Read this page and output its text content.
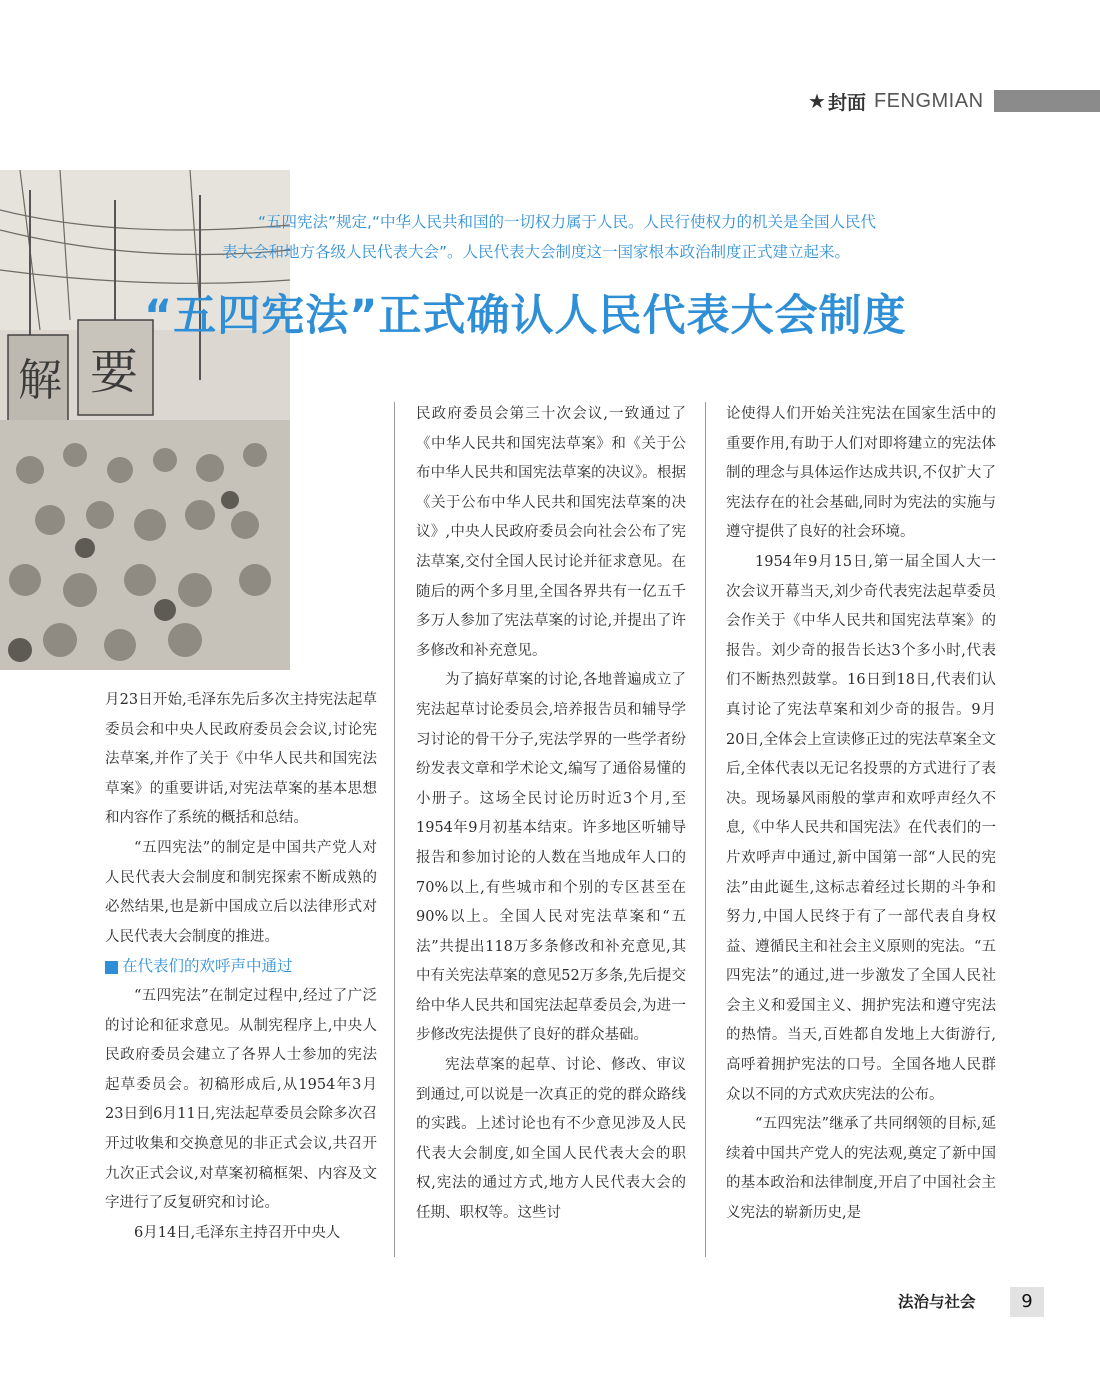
★ 封面 FENGMIAN
解 要

“五四宪法”规定,“中华人民共和国的一切权力属于人民。人民行使权力的机关是全国人民代

表大会和地方各级人民代表大会”。人民代表大会制度这一国家根本政治制度正式建立起来。

“五四宪法”正式确认人民代表大会制度

月23日开始,毛泽东先后多次主持宪法起草委员会和中央人民政府委员会会议,讨论宪法草案,并作了关于《中华人民共和国宪法草案》的重要讲话,对宪法草案的基本思想和内容作了系统的概括和总结。

“五四宪法”的制定是中国共产党人对人民代表大会制度和制宪探索不断成熟的必然结果,也是新中国成立后以法律形式对人民代表大会制度的推进。

在代表们的欢呼声中通过

“五四宪法”在制定过程中,经过了广泛的讨论和征求意见。从制宪程序上,中央人民政府委员会建立了各界人士参加的宪法起草委员会。初稿形成后,从1954年3月23日到6月11日,宪法起草委员会除多次召开过收集和交换意见的非正式会议,共召开九次正式会议,对草案初稿框架、内容及文字进行了反复研究和讨论。

6月14日,毛泽东主持召开中央人

民政府委员会第三十次会议,一致通过了《中华人民共和国宪法草案》和《关于公布中华人民共和国宪法草案的决议》。根据《关于公布中华人民共和国宪法草案的决议》,中央人民政府委员会向社会公布了宪法草案,交付全国人民讨论并征求意见。在随后的两个多月里,全国各界共有一亿五千多万人参加了宪法草案的讨论,并提出了许多修改和补充意见。

为了搞好草案的讨论,各地普遍成立了宪法起草讨论委员会,培养报告员和辅导学习讨论的骨干分子,宪法学界的一些学者纷纷发表文章和学术论文,编写了通俗易懂的小册子。这场全民讨论历时近3个月,至1954年9月初基本结束。许多地区听辅导报告和参加讨论的人数在当地成年人口的70%以上,有些城市和个别的专区甚至在90%以上。全国人民对宪法草案和“五法”共提出118万多条修改和补充意见,其中有关宪法草案的意见52万多条,先后提交给中华人民共和国宪法起草委员会,为进一步修改宪法提供了良好的群众基础。

宪法草案的起草、讨论、修改、审议到通过,可以说是一次真正的党的群众路线的实践。上述讨论也有不少意见涉及人民代表大会制度,如全国人民代表大会的职权,宪法的通过方式,地方人民代表大会的任期、职权等。这些讨

论使得人们开始关注宪法在国家生活中的重要作用,有助于人们对即将建立的宪法体制的理念与具体运作达成共识,不仅扩大了宪法存在的社会基础,同时为宪法的实施与遵守提供了良好的社会环境。

1954年9月15日,第一届全国人大一次会议开幕当天,刘少奇代表宪法起草委员会作关于《中华人民共和国宪法草案》的报告。刘少奇的报告长达3个多小时,代表们不断热烈鼓掌。16日到18日,代表们认真讨论了宪法草案和刘少奇的报告。9月20日,全体会上宣读修正过的宪法草案全文后,全体代表以无记名投票的方式进行了表决。现场暴风雨般的掌声和欢呼声经久不息,《中华人民共和国宪法》在代表们的一片欢呼声中通过,新中国第一部“人民的宪法”由此诞生,这标志着经过长期的斗争和努力,中国人民终于有了一部代表自身权益、遵循民主和社会主义原则的宪法。“五四宪法”的通过,进一步激发了全国人民社会主义和爱国主义、拥护宪法和遵守宪法的热情。当天,百姓都自发地上大街游行,高呼着拥护宪法的口号。全国各地人民群众以不同的方式欢庆宪法的公布。

“五四宪法”继承了共同纲领的目标,延续着中国共产党人的宪法观,奠定了新中国的基本政治和法律制度,开启了中国社会主义宪法的崭新历史,是

法治与社会	9
